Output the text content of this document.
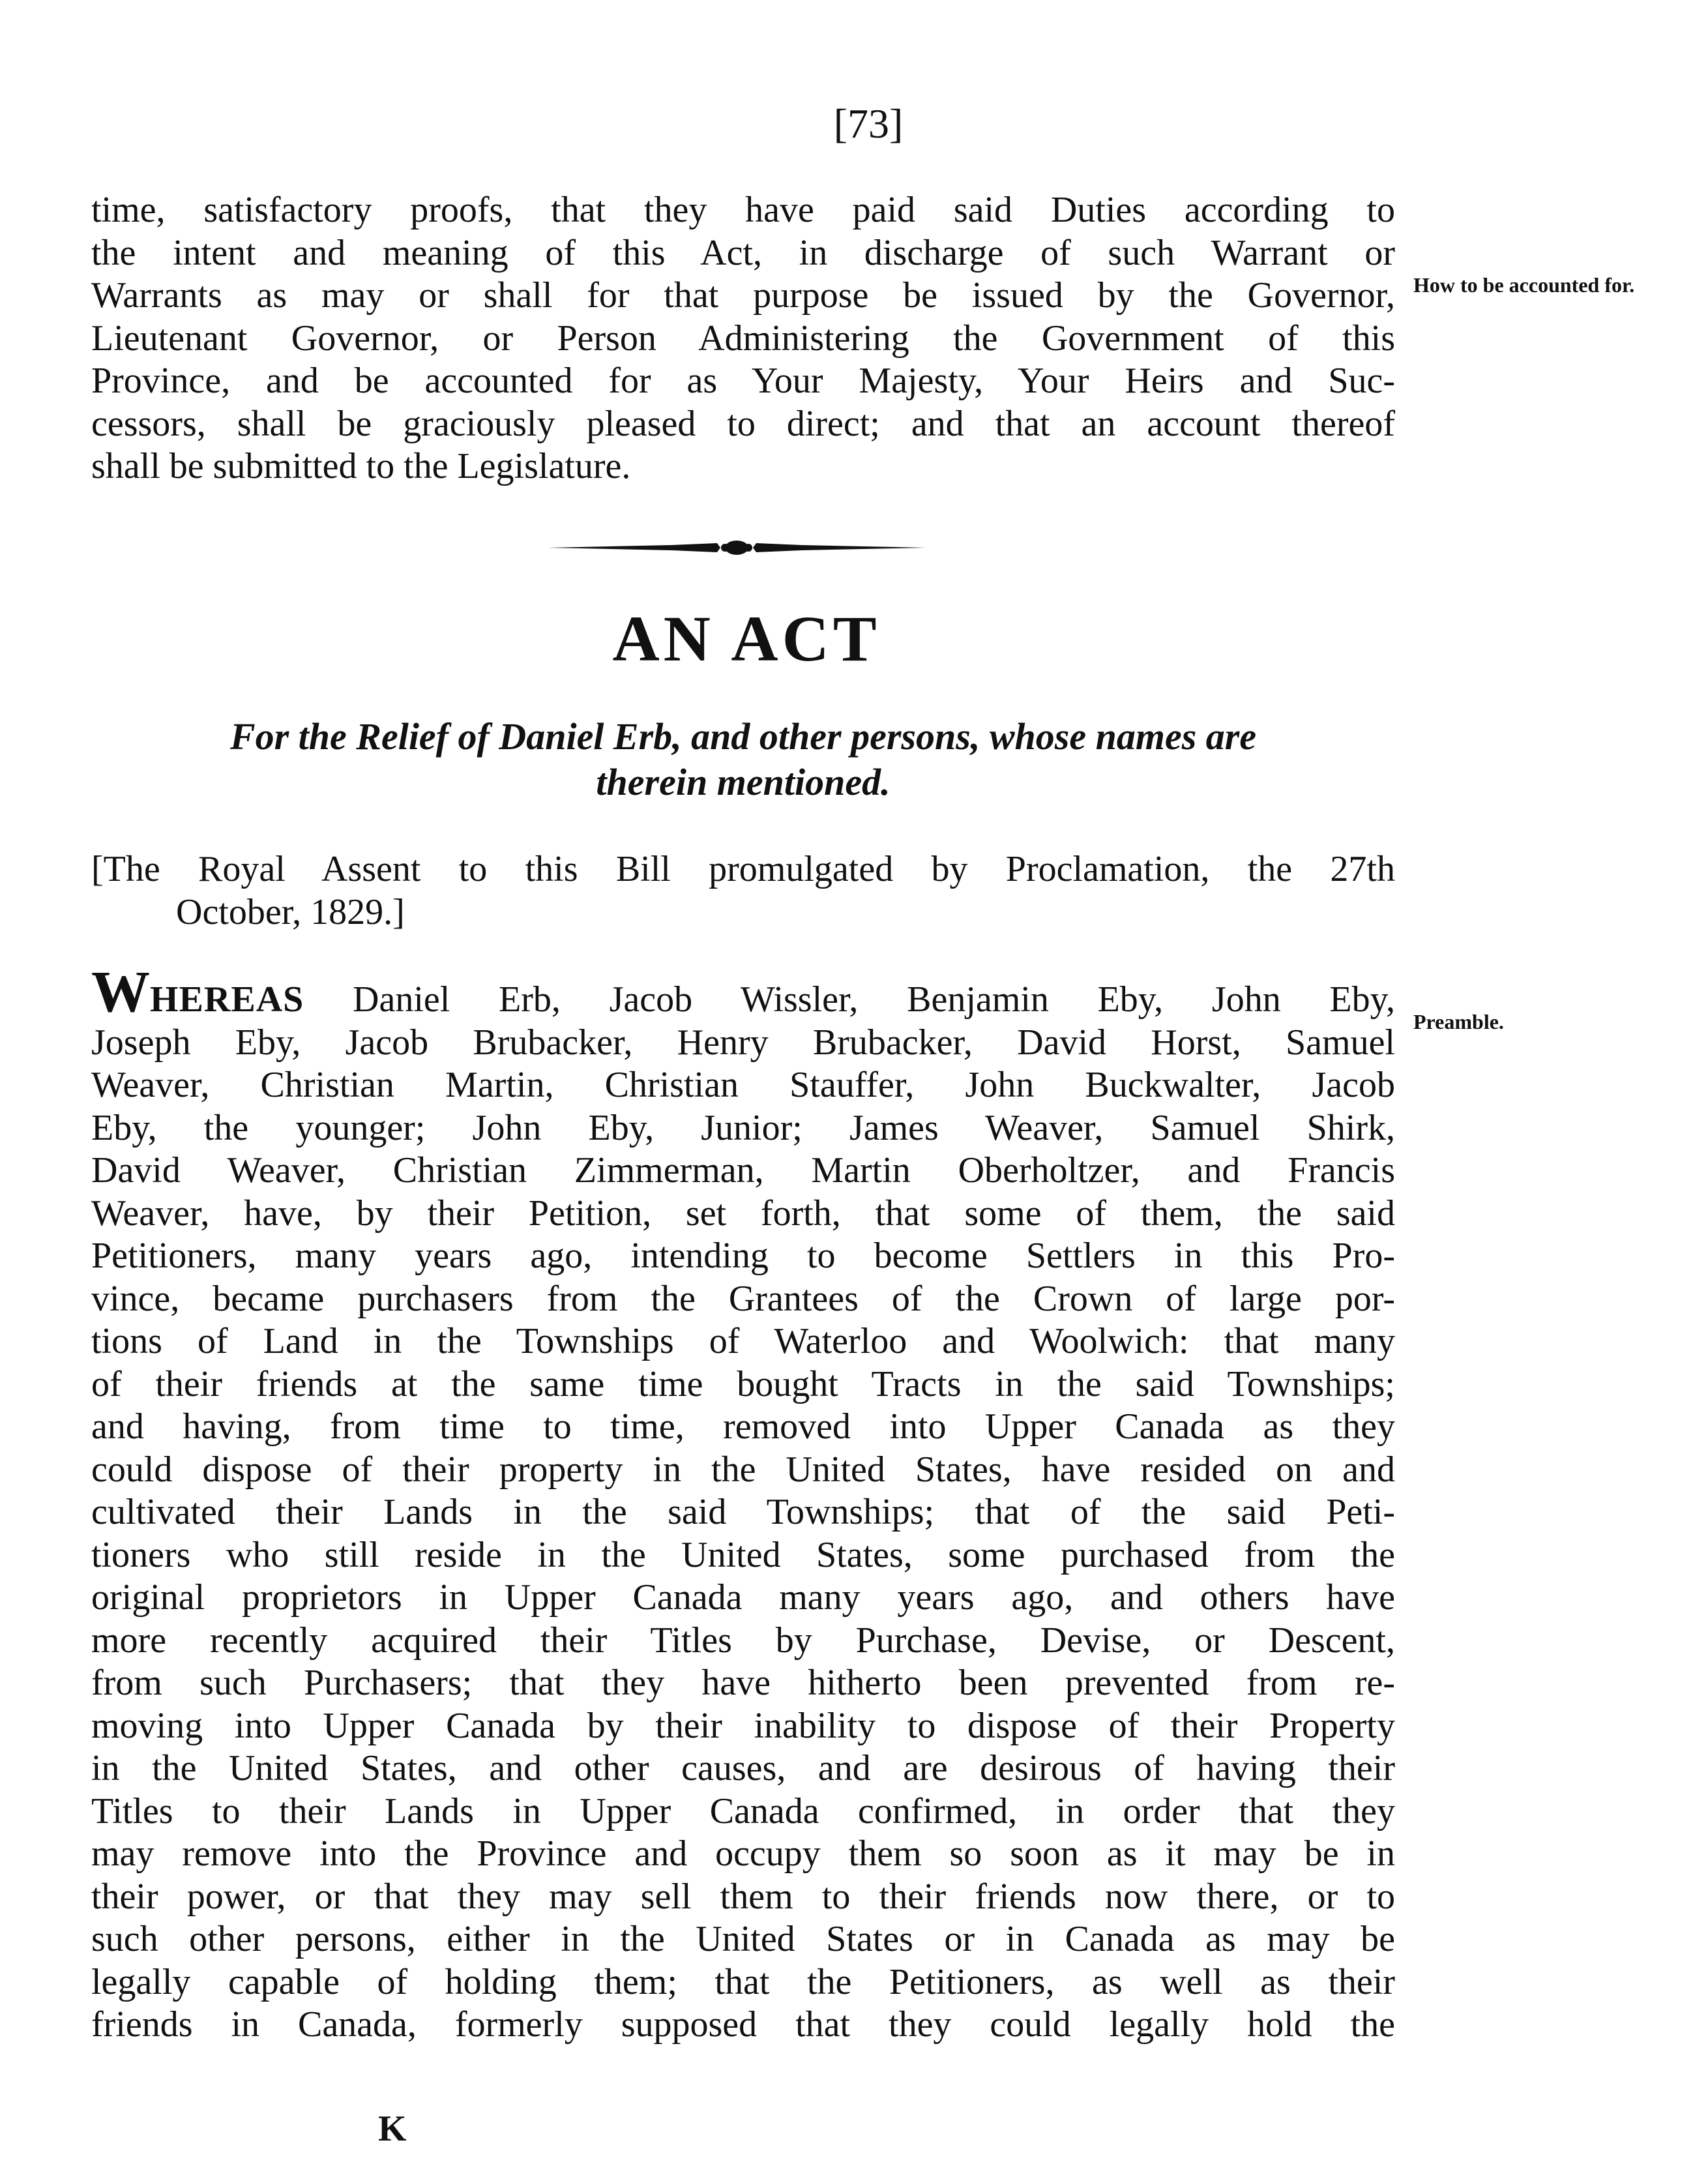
[73]
time, satisfactory proofs, that they have paid said Duties according to
the intent and meaning of this Act, in discharge of such Warrant or
Warrants as may or shall for that purpose be issued by the Governor,
Lieutenant Governor, or Person Administering the Government of this
Province, and be accounted for as Your Majesty, Your Heirs and Suc-
cessors, shall be graciously pleased to direct; and that an account thereof
shall be submitted to the Legislature.
How to be accounted for.
AN ACT
For the Relief of Daniel Erb, and other persons, whose names are
therein mentioned.
[The Royal Assent to this Bill promulgated by Proclamation, the 27th
October, 1829.]
WHEREAS Daniel Erb, Jacob Wissler, Benjamin Eby, John Eby,
Joseph Eby, Jacob Brubacker, Henry Brubacker, David Horst, Samuel
Weaver, Christian Martin, Christian Stauffer, John Buckwalter, Jacob
Eby, the younger; John Eby, Junior; James Weaver, Samuel Shirk,
David Weaver, Christian Zimmerman, Martin Oberholtzer, and Francis
Weaver, have, by their Petition, set forth, that some of them, the said
Petitioners, many years ago, intending to become Settlers in this Pro-
vince, became purchasers from the Grantees of the Crown of large por-
tions of Land in the Townships of Waterloo and Woolwich: that many
of their friends at the same time bought Tracts in the said Townships;
and having, from time to time, removed into Upper Canada as they
could dispose of their property in the United States, have resided on and
cultivated their Lands in the said Townships; that of the said Peti-
tioners who still reside in the United States, some purchased from the
original proprietors in Upper Canada many years ago, and others have
more recently acquired their Titles by Purchase, Devise, or Descent,
from such Purchasers; that they have hitherto been prevented from re-
moving into Upper Canada by their inability to dispose of their Property
in the United States, and other causes, and are desirous of having their
Titles to their Lands in Upper Canada confirmed, in order that they
may remove into the Province and occupy them so soon as it may be in
their power, or that they may sell them to their friends now there, or to
such other persons, either in the United States or in Canada as may be
legally capable of holding them; that the Petitioners, as well as their
friends in Canada, formerly supposed that they could legally hold the
Preamble.
K
